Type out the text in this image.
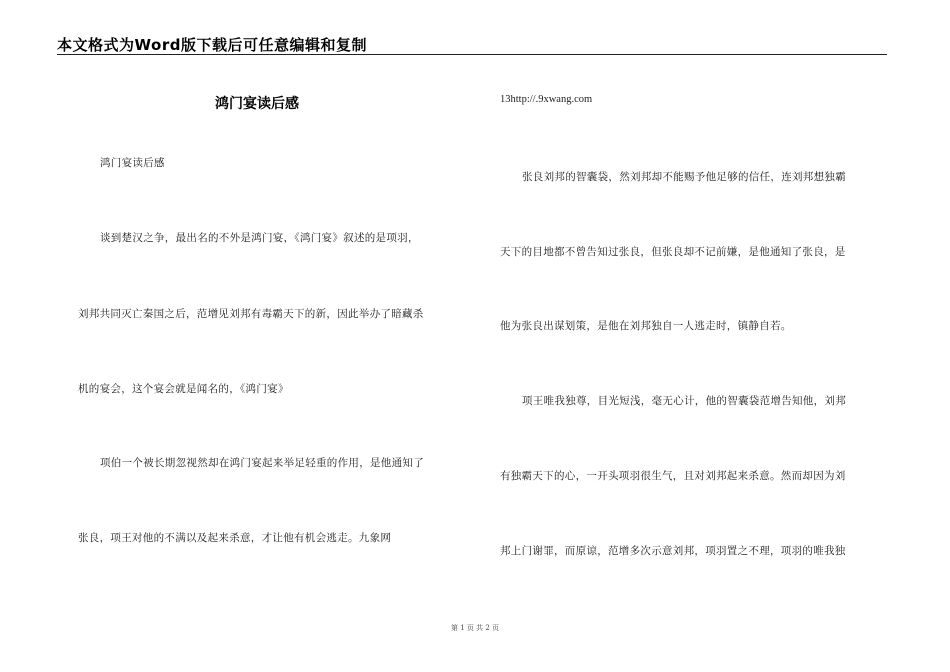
本文格式为Word版下载后可任意编辑和复制
鸿门宴读后感
鸿门宴读后感
谈到楚汉之争，最出名的不外是鸿门宴，《鸿门宴》叙述的是项羽，
刘邦共同灭亡秦国之后，范增见刘邦有毒霸天下的新，因此举办了暗藏杀
机的宴会，这个宴会就是闻名的，《鸿门宴》
项伯一个被长期忽视然却在鸿门宴起来举足轻重的作用，是他通知了
张良，项王对他的不满以及起来杀意，才让他有机会逃走。九象网
13http://.9xwang.com
张良刘邦的智囊袋，然刘邦却不能赐予他足够的信任，连刘邦想独霸
天下的目地都不曾告知过张良，但张良却不记前嫌，是他通知了张良，是
他为张良出谋划策，是他在刘邦独自一人逃走时，镇静自若。
项王唯我独尊，目光短浅，毫无心计，他的智囊袋范增告知他，刘邦
有独霸天下的心，一开头项羽很生气，且对刘邦起来杀意。然而却因为刘
邦上门谢罪，而原谅，范增多次示意刘邦，项羽置之不理，项羽的唯我独
第 1 页 共 2 页
